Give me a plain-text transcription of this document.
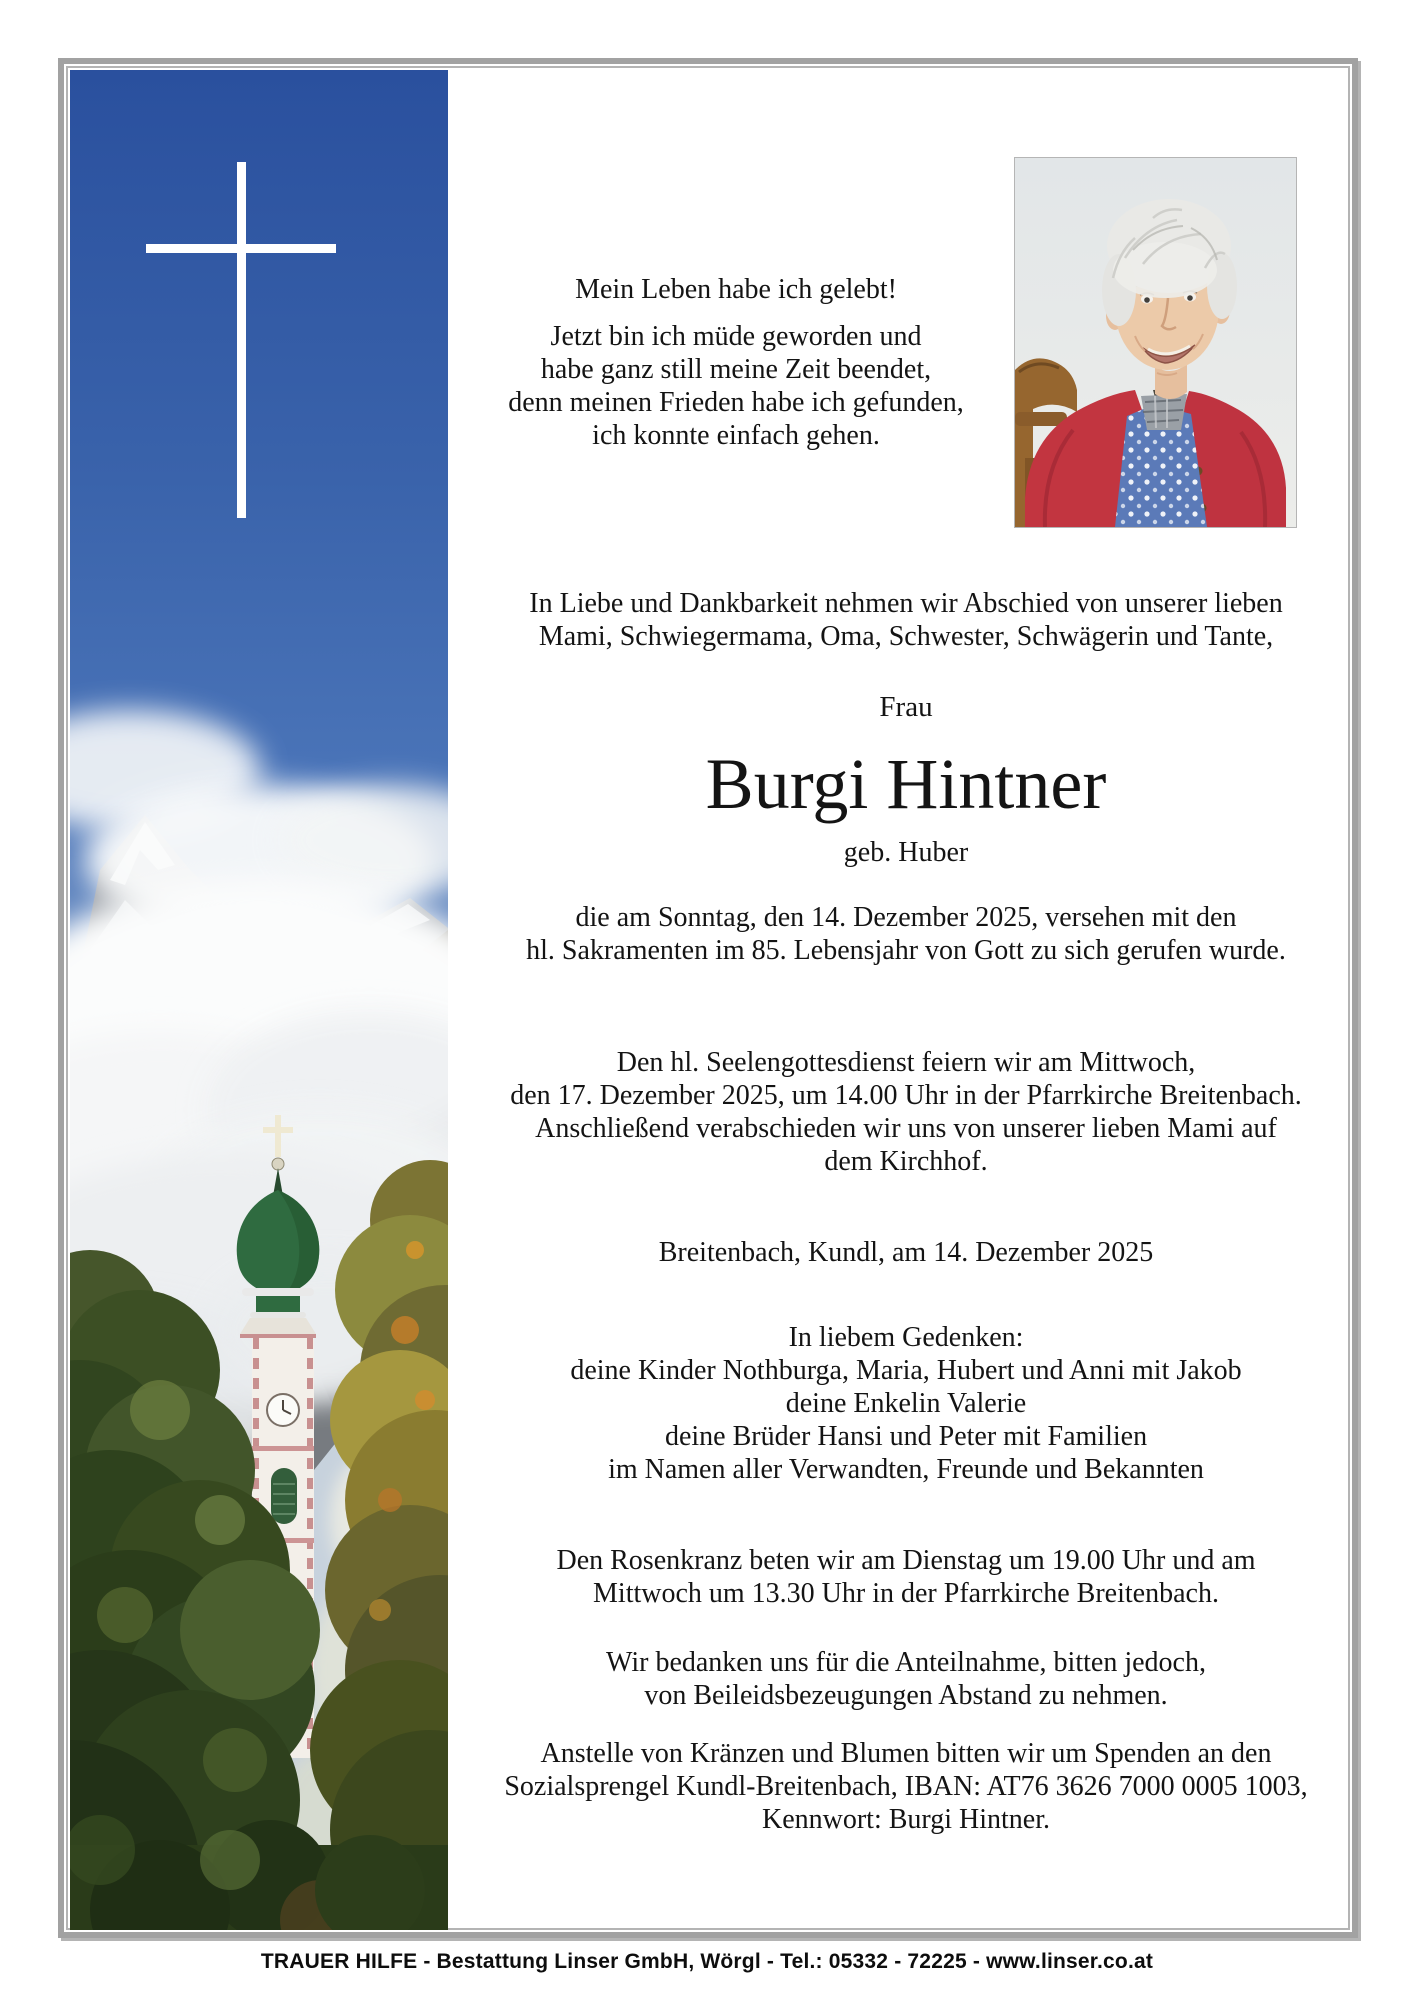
Mein Leben habe ich gelebt!
Jetzt bin ich müde geworden und
habe ganz still meine Zeit beendet,
denn meinen Frieden habe ich gefunden,
ich konnte einfach gehen.
In Liebe und Dankbarkeit nehmen wir Abschied von unserer lieben
Mami, Schwiegermama, Oma, Schwester, Schwägerin und Tante,
Frau
Burgi Hintner
geb. Huber
die am Sonntag, den 14. Dezember 2025, versehen mit den
hl. Sakramenten im 85. Lebensjahr von Gott zu sich gerufen wurde.
Den hl. Seelengottesdienst feiern wir am Mittwoch,
den 17. Dezember 2025, um 14.00 Uhr in der Pfarrkirche Breitenbach.
Anschließend verabschieden wir uns von unserer lieben Mami auf
dem Kirchhof.
Breitenbach, Kundl, am 14. Dezember 2025
In liebem Gedenken:
deine Kinder Nothburga, Maria, Hubert und Anni mit Jakob
deine Enkelin Valerie
deine Brüder Hansi und Peter mit Familien
im Namen aller Verwandten, Freunde und Bekannten
Den Rosenkranz beten wir am Dienstag um 19.00 Uhr und am
Mittwoch um 13.30 Uhr in der Pfarrkirche Breitenbach.
Wir bedanken uns für die Anteilnahme, bitten jedoch,
von Beileidsbezeugungen Abstand zu nehmen.
Anstelle von Kränzen und Blumen bitten wir um Spenden an den
Sozialsprengel Kundl-Breitenbach, IBAN: AT76 3626 7000 0005 1003,
Kennwort: Burgi Hintner.
TRAUER HILFE - Bestattung Linser GmbH, Wörgl - Tel.: 05332 - 72225 - www.linser.co.at
